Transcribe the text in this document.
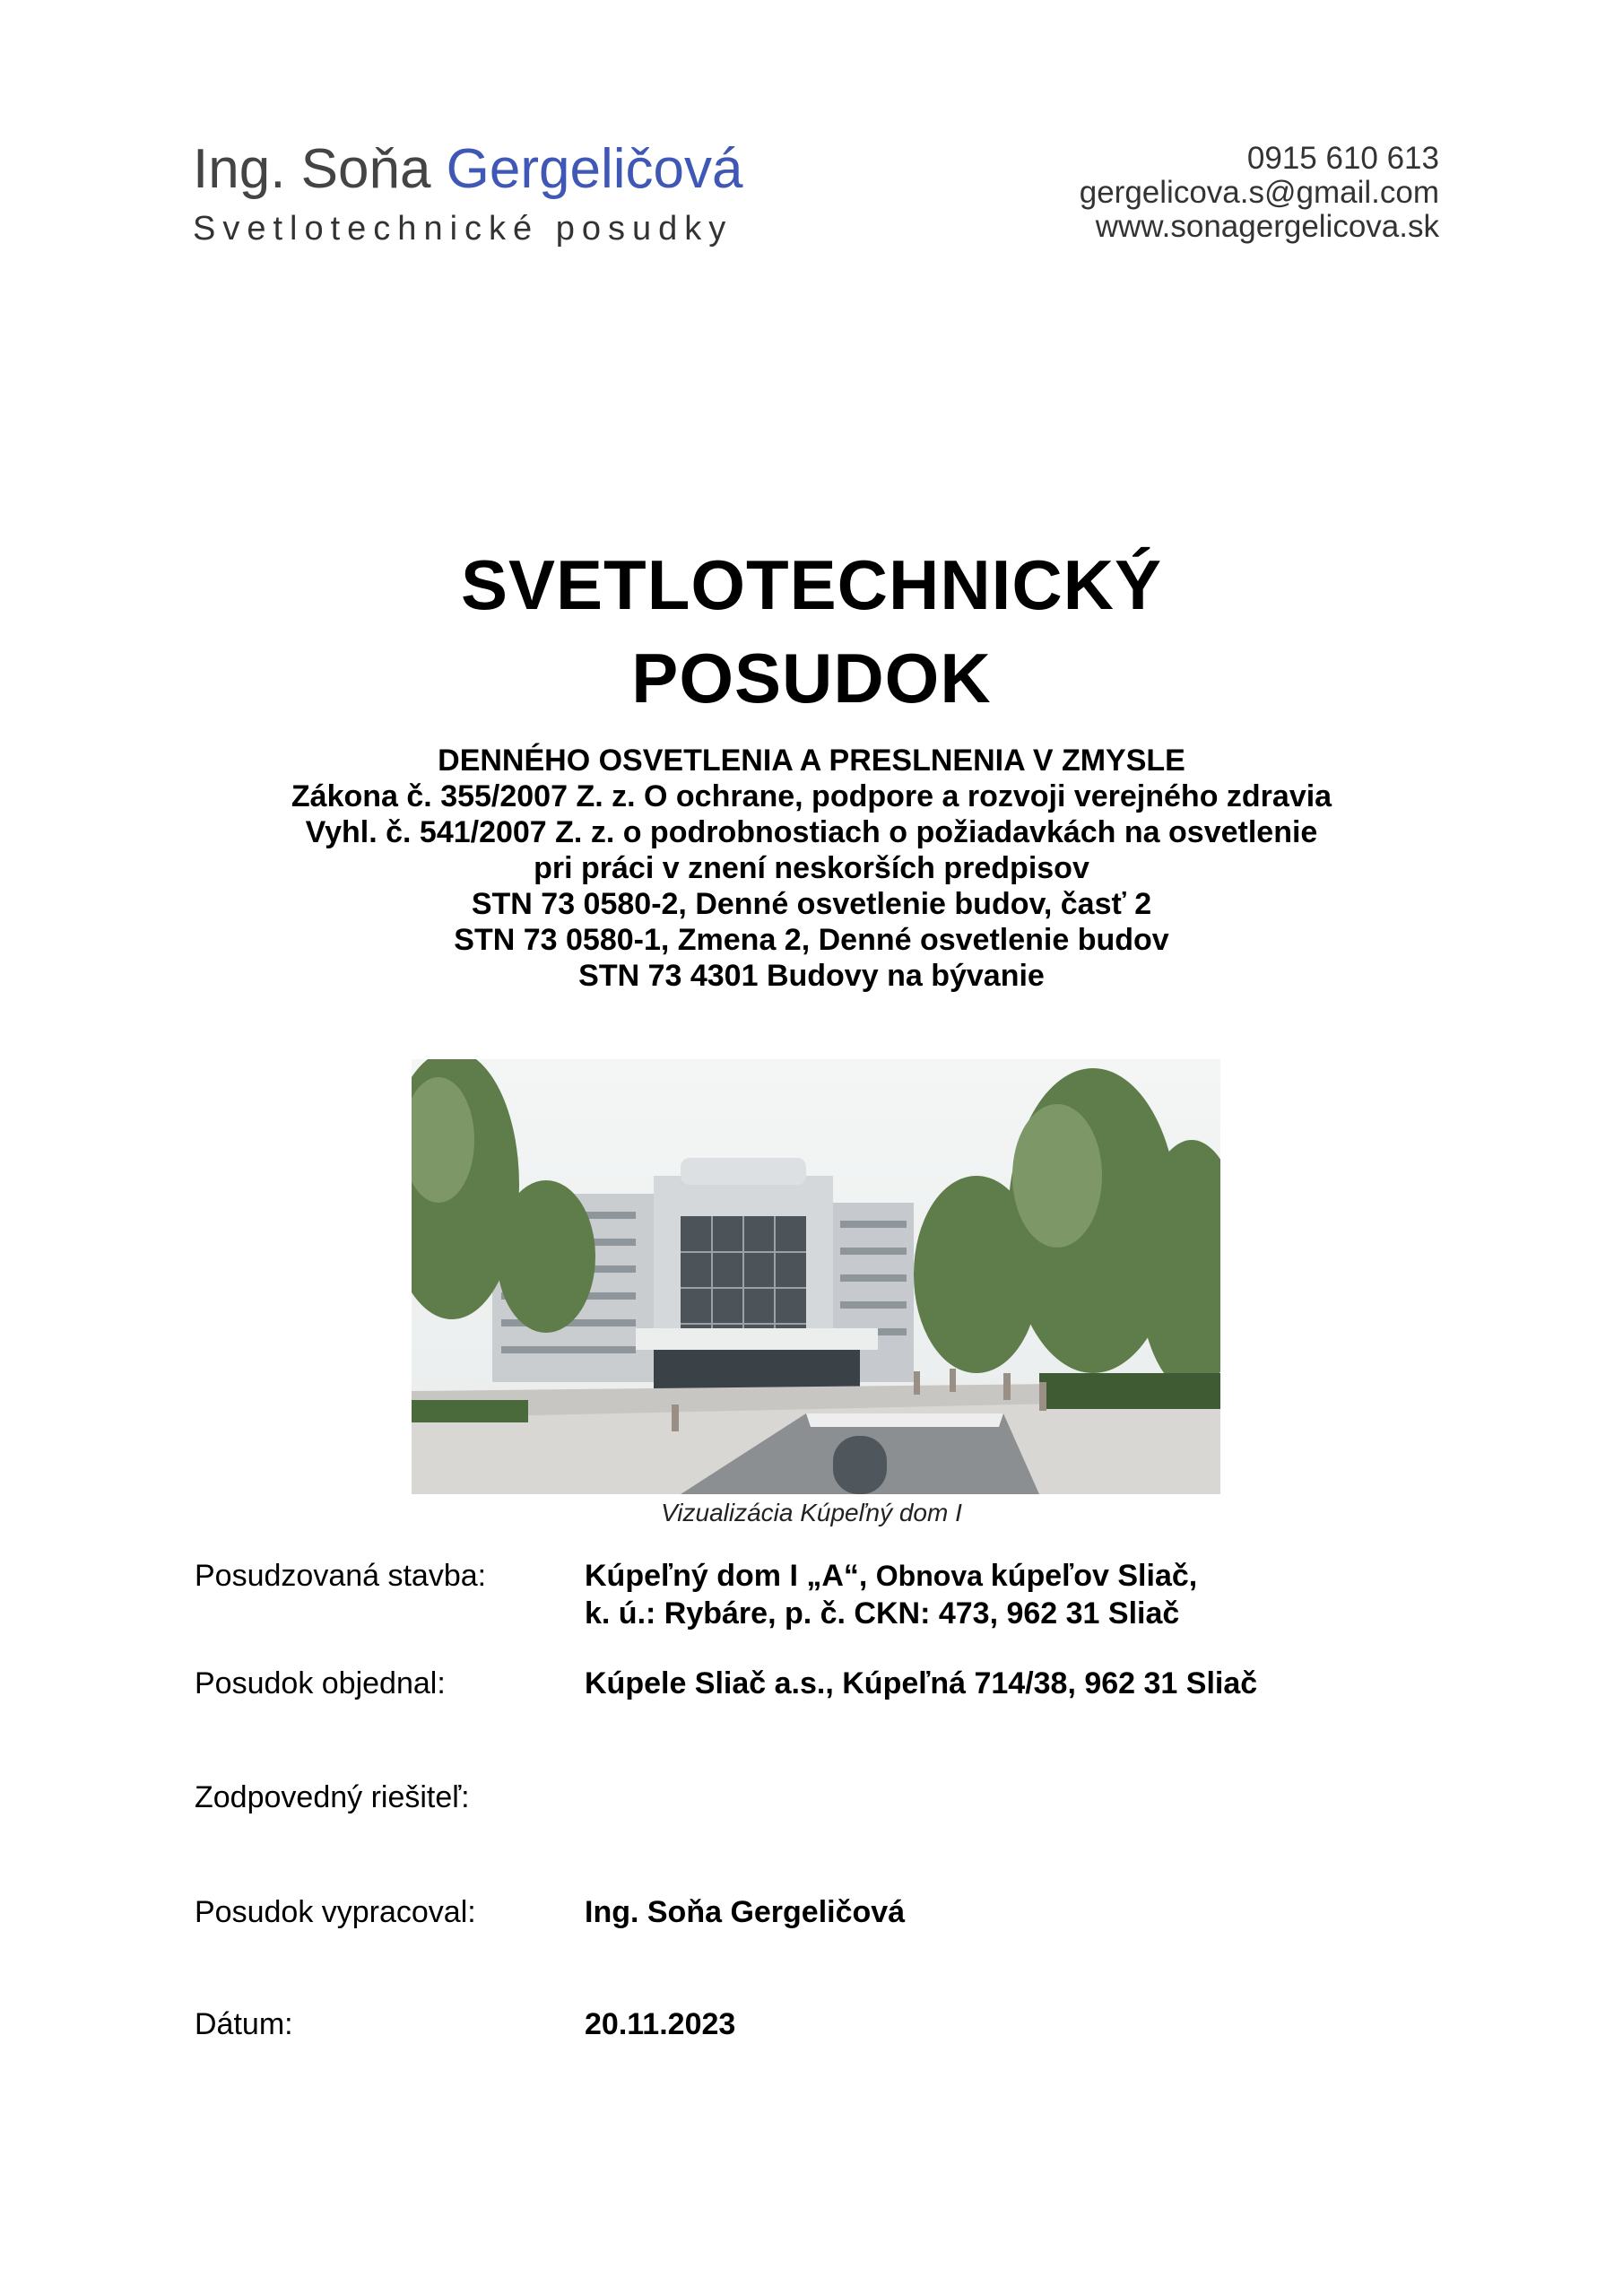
Ing. Soňa Gergeličová
Svetlotechnické posudky
0915 610 613
gergelicova.s@gmail.com
www.sonagergelicova.sk
SVETLOTECHNICKÝ
POSUDOK
DENNÉHO OSVETLENIA A PRESLNENIA V ZMYSLE
Zákona č. 355/2007 Z. z. O ochrane, podpore a rozvoji verejného zdravia
Vyhl. č. 541/2007 Z. z. o podrobnostiach o požiadavkách na osvetlenie
pri práci v znení neskorších predpisov
STN 73 0580-2, Denné osvetlenie budov, časť 2
STN 73 0580-1, Zmena 2, Denné osvetlenie budov
STN 73 4301 Budovy na bývanie
Vizualizácia Kúpeľný dom I
Posudzovaná stavba:	Kúpeľný dom I „A“, Obnova kúpeľov Sliač,
k. ú.: Rybáre, p. č. CKN: 473, 962 31 Sliač
Posudok objednal:	Kúpele Sliač a.s., Kúpeľná 714/38, 962 31 Sliač
Zodpovedný riešiteľ:
Posudok vypracoval:	Ing. Soňa Gergeličová
Dátum:	20.11.2023
